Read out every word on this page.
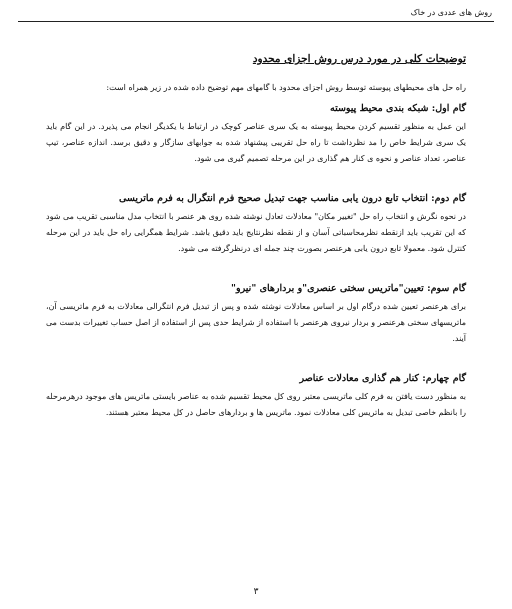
روش های عددی در خاک
توضیحات کلی در مورد درس روش اجزای محدود

راه حل های محیطهای پیوسته توسط روش اجزای محدود با گامهای مهم توضیح داده شده در زیر همراه است:

گام اول: شبکه بندی محیط پیوسته

این عمل به منظور تقسیم کردن محیط پیوسته به یک سری عناصر کوچک در ارتباط با یکدیگر انجام می پذیرد. در این گام باید یک سری شرایط خاص را مد نظرداشت تا راه حل تقریبی پیشنهاد شده به جوابهای سازگار و دقیق برسد. اندازه عناصر، تیپ عناصر، تعداد عناصر و نحوه ی کنار هم گذاری در این مرحله تصمیم گیری می شود.

گام دوم: انتخاب تابع درون یابی مناسب جهت تبدیل صحیح فرم انتگرال به فرم ماتریسی

در نحوه نگرش و انتخاب راه حل "تغییر مکان" معادلات تعادل نوشته شده روی هر عنصر با انتخاب مدل مناسبی تقریب می شود که این تقریب باید ازنقطه نظرمحاسباتی آسان و از نقطه نظرنتایج باید دقیق باشد. شرایط همگرایی راه حل باید در این مرحله کنترل شود. معمولا تابع درون یابی هرعنصر بصورت چند جمله ای درنظرگرفته می شود.

گام سوم: تعیین"ماتریس سختی عنصری"و بردارهای "نیرو"

برای هرعنصر تعیین شده درگام اول بر اساس معادلات نوشته شده و پس از تبدیل فرم انتگرالی معادلات به فرم ماتریسی آن، ماتریسهای سختی هرعنصر و بردار نیروی هرعنصر با استفاده از شرایط حدی پس از استفاده از اصل حساب تغییرات بدست می آیند.

گام چهارم: کنار هم گذاری معادلات عناصر

به منظور دست یافتن به فرم کلی ماتریسی معتبر روی کل محیط تقسیم شده به عناصر بایستی ماتریس های موجود درهرمرحله را بانظم خاصی تبدیل به ماتریس کلی معادلات نمود. ماتریس ها و بردارهای حاصل در کل محیط معتبر هستند.

۳
